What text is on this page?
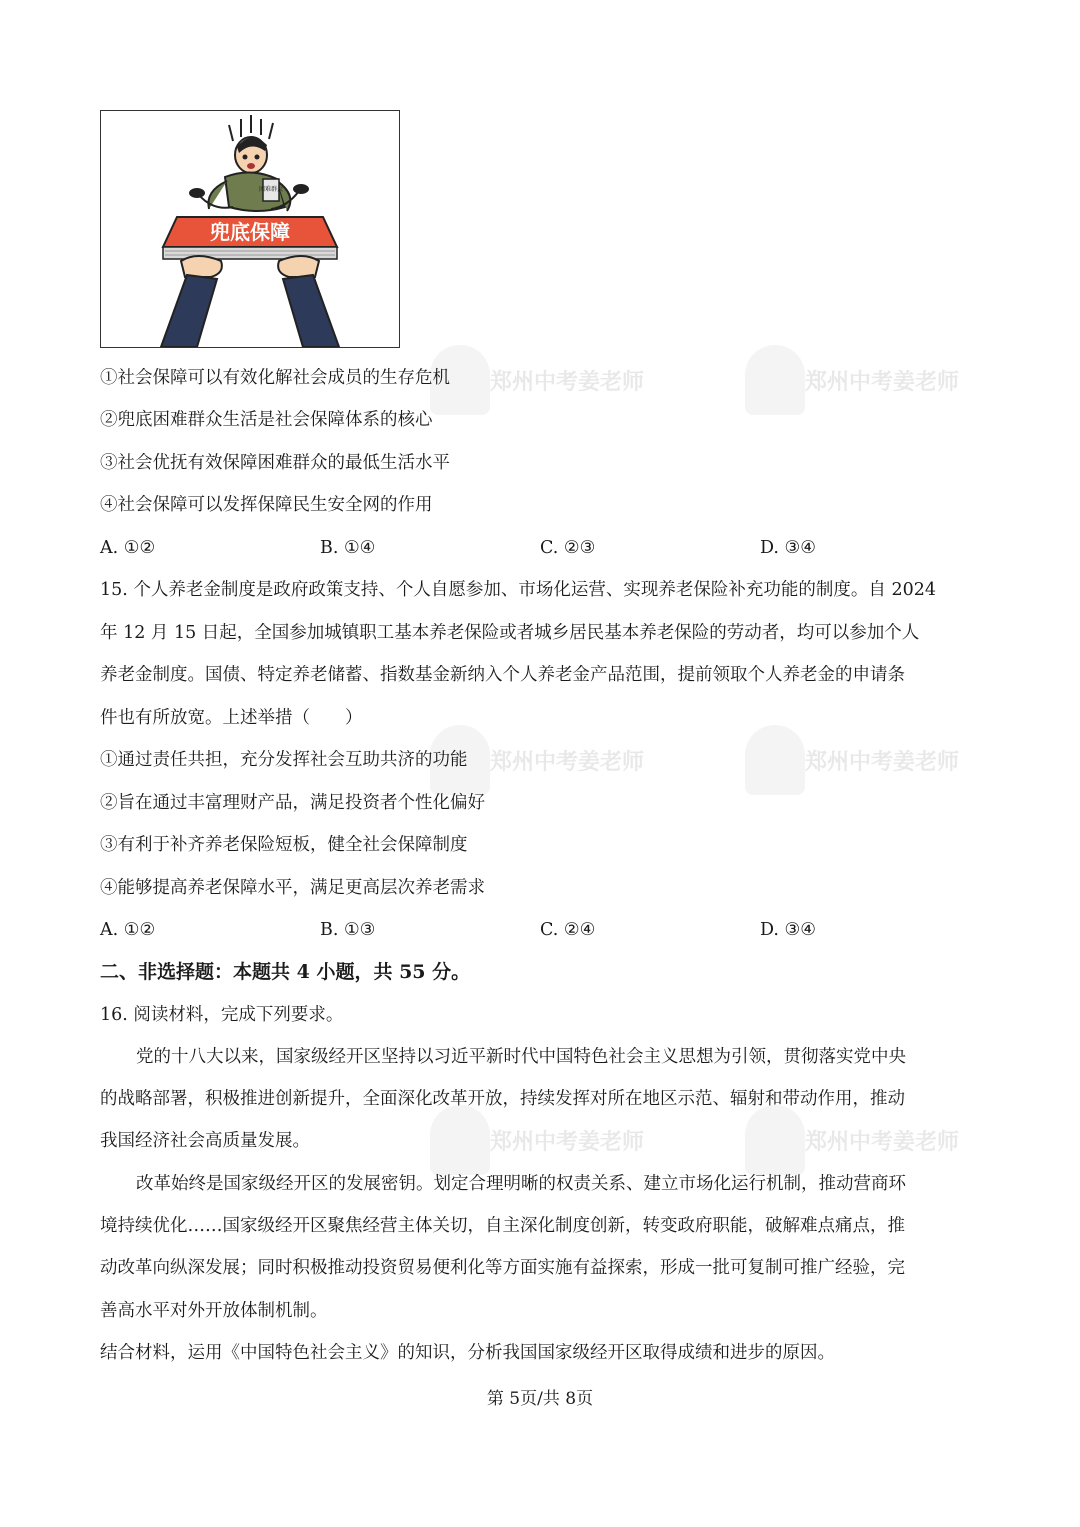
郑州中考姜老师	郑州中考姜老师
郑州中考姜老师	郑州中考姜老师
郑州中考姜老师	郑州中考姜老师
困难群众
兜底保障
①社会保障可以有效化解社会成员的生存危机
②兜底困难群众生活是社会保障体系的核心
③社会优抚有效保障困难群众的最低生活水平
④社会保障可以发挥保障民生安全网的作用
A. ①②	B. ①④	C. ②③	D. ③④
15. 个人养老金制度是政府政策支持、个人自愿参加、市场化运营、实现养老保险补充功能的制度。自 2024
年 12 月 15 日起，全国参加城镇职工基本养老保险或者城乡居民基本养老保险的劳动者，均可以参加个人
养老金制度。国债、特定养老储蓄、指数基金新纳入个人养老金产品范围，提前领取个人养老金的申请条
件也有所放宽。上述举措（　　）
①通过责任共担，充分发挥社会互助共济的功能
②旨在通过丰富理财产品，满足投资者个性化偏好
③有利于补齐养老保险短板，健全社会保障制度
④能够提高养老保障水平，满足更高层次养老需求
A. ①②	B. ①③	C. ②④	D. ③④
二、非选择题：本题共 4 小题，共 55 分。
16. 阅读材料，完成下列要求。
党的十八大以来，国家级经开区坚持以习近平新时代中国特色社会主义思想为引领，贯彻落实党中央
的战略部署，积极推进创新提升，全面深化改革开放，持续发挥对所在地区示范、辐射和带动作用，推动
我国经济社会高质量发展。
改革始终是国家级经开区的发展密钥。划定合理明晰的权责关系、建立市场化运行机制，推动营商环
境持续优化……国家级经开区聚焦经营主体关切，自主深化制度创新，转变政府职能，破解难点痛点，推
动改革向纵深发展；同时积极推动投资贸易便利化等方面实施有益探索，形成一批可复制可推广经验，完
善高水平对外开放体制机制。
结合材料，运用《中国特色社会主义》的知识，分析我国国家级经开区取得成绩和进步的原因。
第 5页/共 8页
